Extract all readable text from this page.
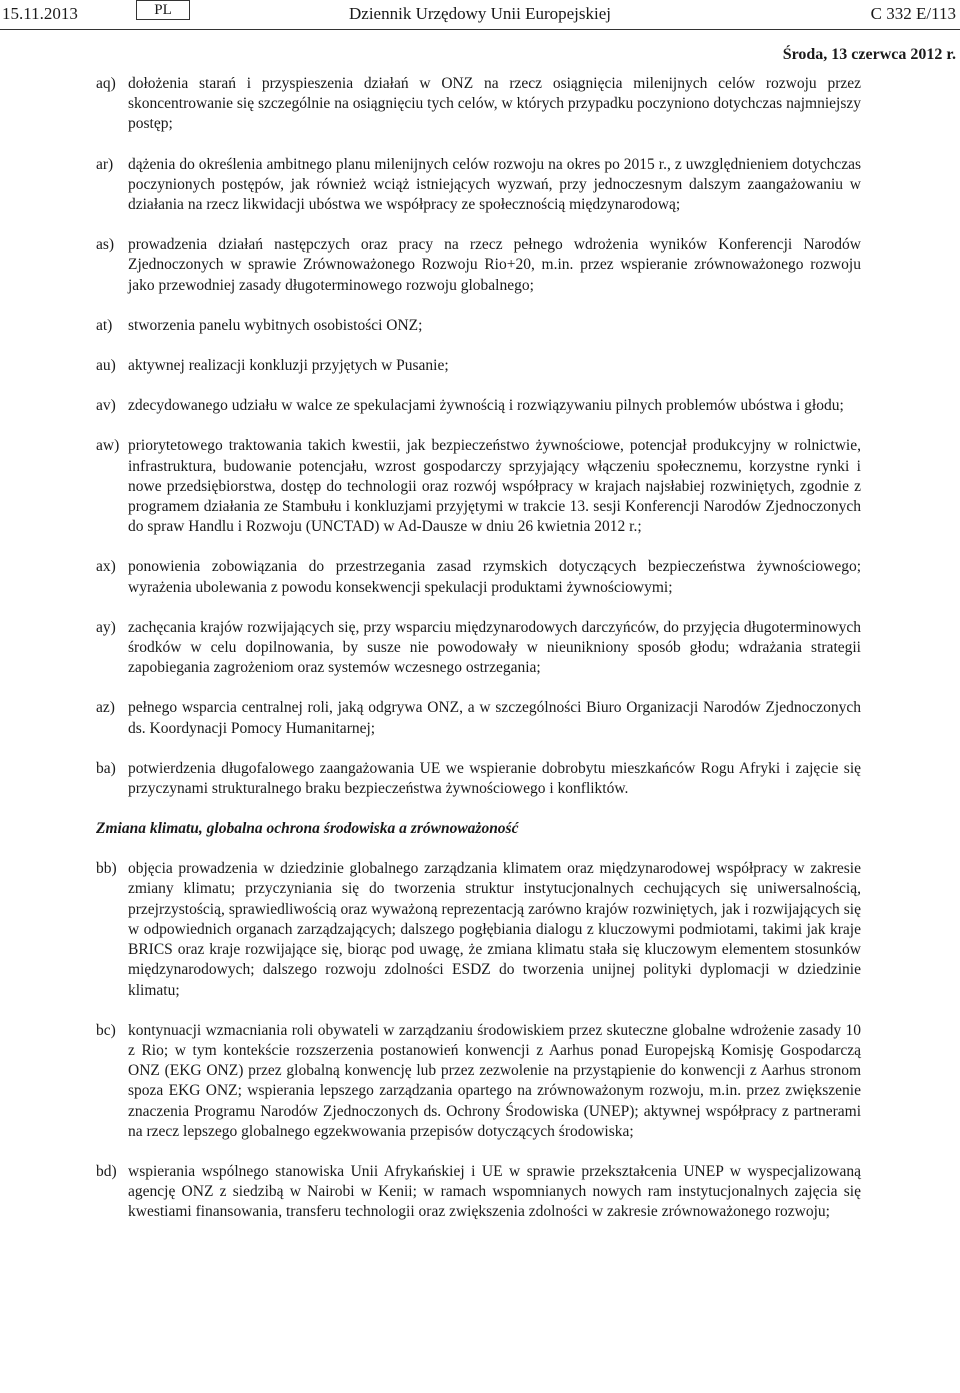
15.11.2013	PL	Dziennik Urzędowy Unii Europejskiej	C 332 E/113
Środa, 13 czerwca 2012 r.
aq) dołożenia starań i przyspieszenia działań w ONZ na rzecz osiągnięcia milenijnych celów rozwoju przez skoncentrowanie się szczególnie na osiągnięciu tych celów, w których przypadku poczyniono dotychczas najmniejszy postęp;
ar) dążenia do określenia ambitnego planu milenijnych celów rozwoju na okres po 2015 r., z uwzględnieniem dotychczas poczynionych postępów, jak również wciąż istniejących wyzwań, przy jednoczesnym dalszym zaangażowaniu w działania na rzecz likwidacji ubóstwa we współpracy ze społecznością międzynarodową;
as) prowadzenia działań następczych oraz pracy na rzecz pełnego wdrożenia wyników Konferencji Narodów Zjednoczonych w sprawie Zrównoważonego Rozwoju Rio+20, m.in. przez wspieranie zrównoważonego rozwoju jako przewodniej zasady długoterminowego rozwoju globalnego;
at)	stworzenia panelu wybitnych osobistości ONZ;
au) aktywnej realizacji konkluzji przyjętych w Pusanie;
av) zdecydowanego udziału w walce ze spekulacjami żywnością i rozwiązywaniu pilnych problemów ubóstwa i głodu;
aw) priorytetowego traktowania takich kwestii, jak bezpieczeństwo żywnościowe, potencjał produkcyjny w rolnictwie, infrastruktura, budowanie potencjału, wzrost gospodarczy sprzyjający włączeniu społecznemu, korzystne rynki i nowe przedsiębiorstwa, dostęp do technologii oraz rozwój współpracy w krajach najsłabiej rozwiniętych, zgodnie z programem działania ze Stambułu i konkluzjami przyjętymi w trakcie 13. sesji Konferencji Narodów Zjednoczonych do spraw Handlu i Rozwoju (UNCTAD) w Ad-Dausze w dniu 26 kwietnia 2012 r.;
ax) ponowienia zobowiązania do przestrzegania zasad rzymskich dotyczących bezpieczeństwa żywnościowego; wyrażenia ubolewania z powodu konsekwencji spekulacji produktami żywnościowymi;
ay) zachęcania krajów rozwijających się, przy wsparciu międzynarodowych darczyńców, do przyjęcia długoterminowych środków w celu dopilnowania, by susze nie powodowały w nieunikniony sposób głodu; wdrażania strategii zapobiegania zagrożeniom oraz systemów wczesnego ostrzegania;
az) pełnego wsparcia centralnej roli, jaką odgrywa ONZ, a w szczególności Biuro Organizacji Narodów Zjednoczonych ds. Koordynacji Pomocy Humanitarnej;
ba) potwierdzenia długofalowego zaangażowania UE we wspieranie dobrobytu mieszkańców Rogu Afryki i zajęcie się przyczynami strukturalnego braku bezpieczeństwa żywnościowego i konfliktów.
Zmiana klimatu, globalna ochrona środowiska a zrównoważoność
bb) objęcia prowadzenia w dziedzinie globalnego zarządzania klimatem oraz międzynarodowej współpracy w zakresie zmiany klimatu; przyczyniania się do tworzenia struktur instytucjonalnych cechujących się uniwersalnością, przejrzystością, sprawiedliwością oraz wyważoną reprezentacją zarówno krajów rozwiniętych, jak i rozwijających się w odpowiednich organach zarządzających; dalszego pogłębiania dialogu z kluczowymi podmiotami, takimi jak kraje BRICS oraz kraje rozwijające się, biorąc pod uwagę, że zmiana klimatu stała się kluczowym elementem stosunków międzynarodowych; dalszego rozwoju zdolności ESDZ do tworzenia unijnej polityki dyplomacji w dziedzinie klimatu;
bc) kontynuacji wzmacniania roli obywateli w zarządzaniu środowiskiem przez skuteczne globalne wdrożenie zasady 10 z Rio; w tym kontekście rozszerzenia postanowień konwencji z Aarhus ponad Europejską Komisję Gospodarczą ONZ (EKG ONZ) przez globalną konwencję lub przez zezwolenie na przystąpienie do konwencji z Aarhus stronom spoza EKG ONZ; wspierania lepszego zarządzania opartego na zrównoważonym rozwoju, m.in. przez zwiększenie znaczenia Programu Narodów Zjednoczonych ds. Ochrony Środowiska (UNEP); aktywnej współpracy z partnerami na rzecz lepszego globalnego egzekwowania przepisów dotyczących środowiska;
bd) wspierania wspólnego stanowiska Unii Afrykańskiej i UE w sprawie przekształcenia UNEP w wyspecjalizowaną agencję ONZ z siedzibą w Nairobi w Kenii; w ramach wspomnianych nowych ram instytucjonalnych zajęcia się kwestiami finansowania, transferu technologii oraz zwiększenia zdolności w zakresie zrównoważonego rozwoju;
